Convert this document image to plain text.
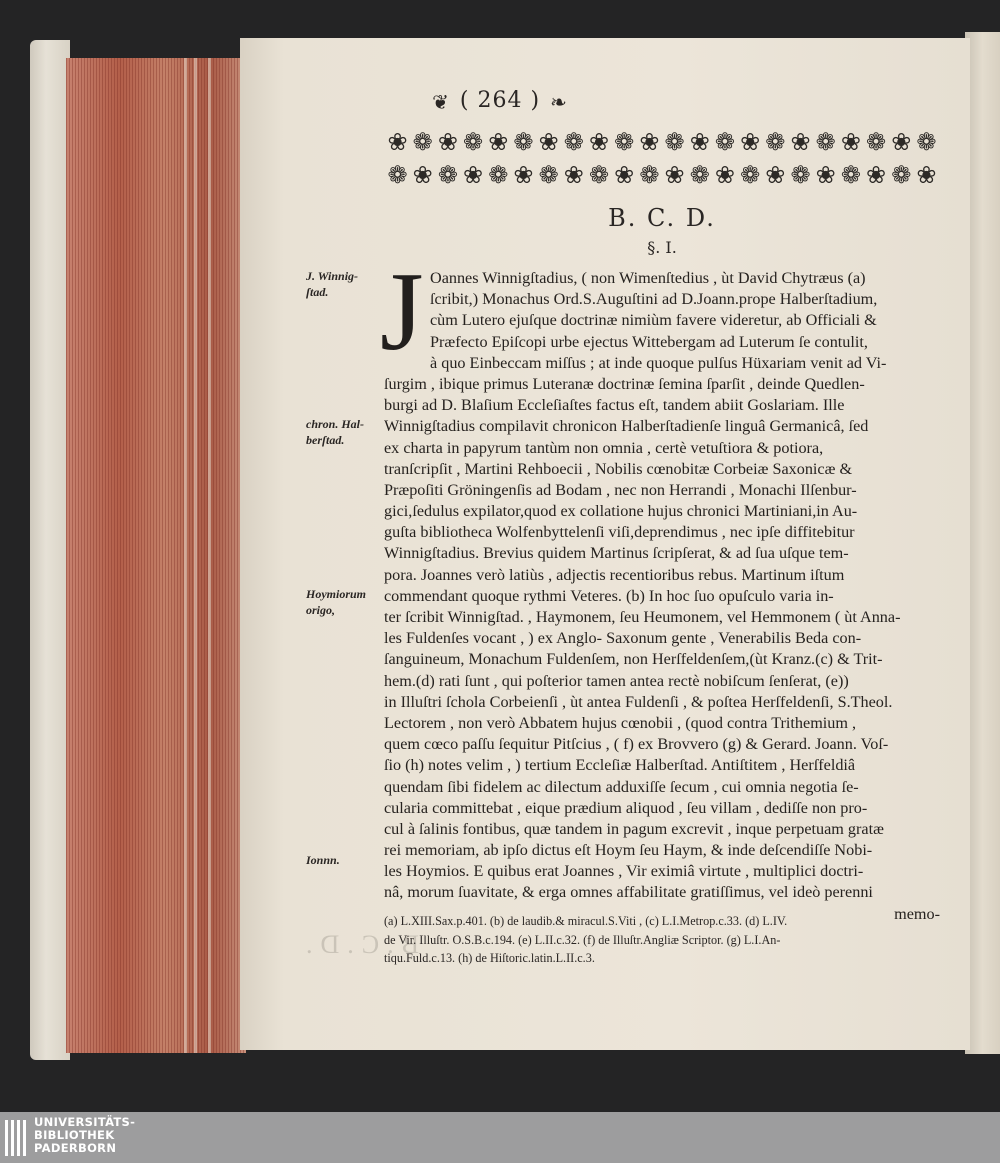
❦ ( 264 ) ❧
❀ ❁ ❀ ❁ ❀ ❁ ❀ ❁ ❀ ❁ ❀ ❁ ❀ ❁ ❀ ❁ ❀ ❁ ❀ ❁ ❀ ❁
❁ ❀ ❁ ❀ ❁ ❀ ❁ ❀ ❁ ❀ ❁ ❀ ❁ ❀ ❁ ❀ ❁ ❀ ❁ ❀ ❁ ❀
B. C. D.
§. I.
J. Winnig-
ſtad.
chron. Hal-
berſtad.
Hoymiorum
origo,
Ionnn.
J Oannes Winnigſtadius, ( non Wimenſtedius , ùt David Chytræus (a)
ſcribit,) Monachus Ord.S.Auguſtini ad D.Joann.prope Halberſtadium,
cùm Lutero ejuſque doctrinæ nimiùm favere videretur, ab Officiali &
Præfecto Epiſcopi urbe ejectus Wittebergam ad Luterum ſe contulit,
à quo Einbeccam miſſus ; at inde quoque pulſus Hüxariam venit ad Vi-
ſurgim , ibique primus Luteranæ doctrinæ ſemina ſparſit , deinde Quedlen-
burgi ad D. Blaſium Eccleſiaſtes factus eſt, tandem abiit Goslariam. Ille
Winnigſtadius compilavit chronicon Halberſtadienſe linguâ Germanicâ, ſed
ex charta in papyrum tantùm non omnia , certè vetuſtiora & potiora,
tranſcripſit , Martini Rehboecii , Nobilis cœnobitæ Corbeiæ Saxonicæ &
Præpoſiti Gröningenſis ad Bodam , nec non Herrandi , Monachi Ilſenbur-
gici,ſedulus expilator,quod ex collatione hujus chronici Martiniani,in Au-
guſta bibliotheca Wolfenbyttelenſi viſi,deprendimus , nec ipſe diffitebitur
Winnigſtadius. Brevius quidem Martinus ſcripſerat, & ad ſua uſque tem-
pora. Joannes verò latiùs , adjectis recentioribus rebus. Martinum iſtum
commendant quoque rythmi Veteres. (b) In hoc ſuo opuſculo varia in-
ter ſcribit Winnigſtad. , Haymonem, ſeu Heumonem, vel Hemmonem ( ùt Anna-
les Fuldenſes vocant , ) ex Anglo- Saxonum gente , Venerabilis Beda con-
ſanguineum, Monachum Fuldenſem, non Herſfeldenſem,(ùt Kranz.(c) & Trit-
hem.(d) rati ſunt , qui poſterior tamen antea rectè nobiſcum ſenſerat, (e))
in Illuſtri ſchola Corbeienſi , ùt antea Fuldenſi , & poſtea Herſfeldenſi, S.Theol.
Lectorem , non verò Abbatem hujus cœnobii , (quod contra Trithemium ,
quem cœco paſſu ſequitur Pitſcius , ( f) ex Brovvero (g) & Gerard. Joann. Voſ-
ſio (h) notes velim , ) tertium Eccleſiæ Halberſtad. Antiſtitem , Herſfeldiâ
quendam ſibi fidelem ac dilectum adduxiſſe ſecum , cui omnia negotia ſe-
cularia committebat , eique prædium aliquod , ſeu villam , dediſſe non pro-
cul à ſalinis fontibus, quæ tandem in pagum excrevit , inque perpetuam gratæ
rei memoriam, ab ipſo dictus eſt Hoym ſeu Haym, & inde deſcendiſſe Nobi-
les Hoymios. E quibus erat Joannes , Vir eximiâ virtute , multiplici doctri-
nâ, morum ſuavitate, & erga omnes affabilitate gratiſſimus, vel ideò perenni
memo-
(a) L.XIII.Sax.p.401. (b) de laudib.& miracul.S.Viti , (c) L.I.Metrop.c.33. (d) L.IV.
de Vir. Illuſtr. O.S.B.c.194. (e) L.II.c.32. (f) de Illuſtr.Angliæ Scriptor. (g) L.I.An-
tiqu.Fuld.c.13. (h) de Hiſtoric.latin.L.II.c.3.
B.C.D.
UNIVERSITÄTS-
BIBLIOTHEK
PADERBORN
